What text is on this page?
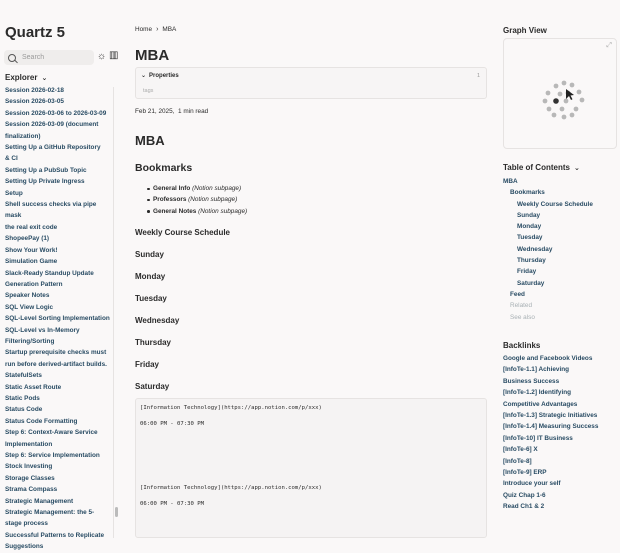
Quartz 5
Search	☼ ▥
Explorer ⌄
Session 2026-02-18
Session 2026-03-05
Session 2026-03-06 to 2026-03-09
Session 2026-03-09 (document
finalization)
Setting Up a GitHub Repository
& CI
Setting Up a PubSub Topic
Setting Up Private Ingress
Setup
Shell success checks via pipe mask
the real exit code
ShopeePay (1)
Show Your Work!
Simulation Game
Slack-Ready Standup Update
Generation Pattern
Speaker Notes
SQL View Logic
SQL-Level Sorting Implementation
SQL-Level vs In-Memory
Filtering/Sorting
Startup prerequisite checks must
run before derived-artifact builds.
StatefulSets
Static Asset Route
Static Pods
Status Code
Status Code Formatting
Step 6: Context-Aware Service
Implementation
Step 6: Service Implementation
Stock Investing
Storage Classes
Strama Compass
Strategic Management
Strategic Management: the 5-
stage process
Successful Patterns to Replicate
Suggestions
Home › MBA
MBA
⌄ Properties	1
tags
Feb 21, 2025, 1 min read
MBA
Bookmarks
General Info (Notion subpage)
Professors (Notion subpage)
General Notes (Notion subpage)
Weekly Course Schedule
Sunday
Monday
Tuesday
Wednesday
Thursday
Friday
Saturday
[Information Technology](https://app.notion.com/p/xxx)
06:00 PM - 07:30 PM
[Information Technology](https://app.notion.com/p/xxx)
06:00 PM - 07:30 PM
Graph View
⤢
Table of Contents ⌄
MBA
Bookmarks
Weekly Course Schedule
Sunday
Monday
Tuesday
Wednesday
Thursday
Friday
Saturday
Feed
Related
See also
Backlinks
Google and Facebook Videos
[InfoTe-1.1] Achieving
Business Success
[InfoTe-1.2] Identifying
Competitive Advantages
[InfoTe-1.3] Strategic Initiatives
[InfoTe-1.4] Measuring Success
[InfoTe-10] IT Business
[InfoTe-6] X
[InfoTe-8]
[InfoTe-9] ERP
Introduce your self
Quiz Chap 1-6
Read Ch1 & 2
